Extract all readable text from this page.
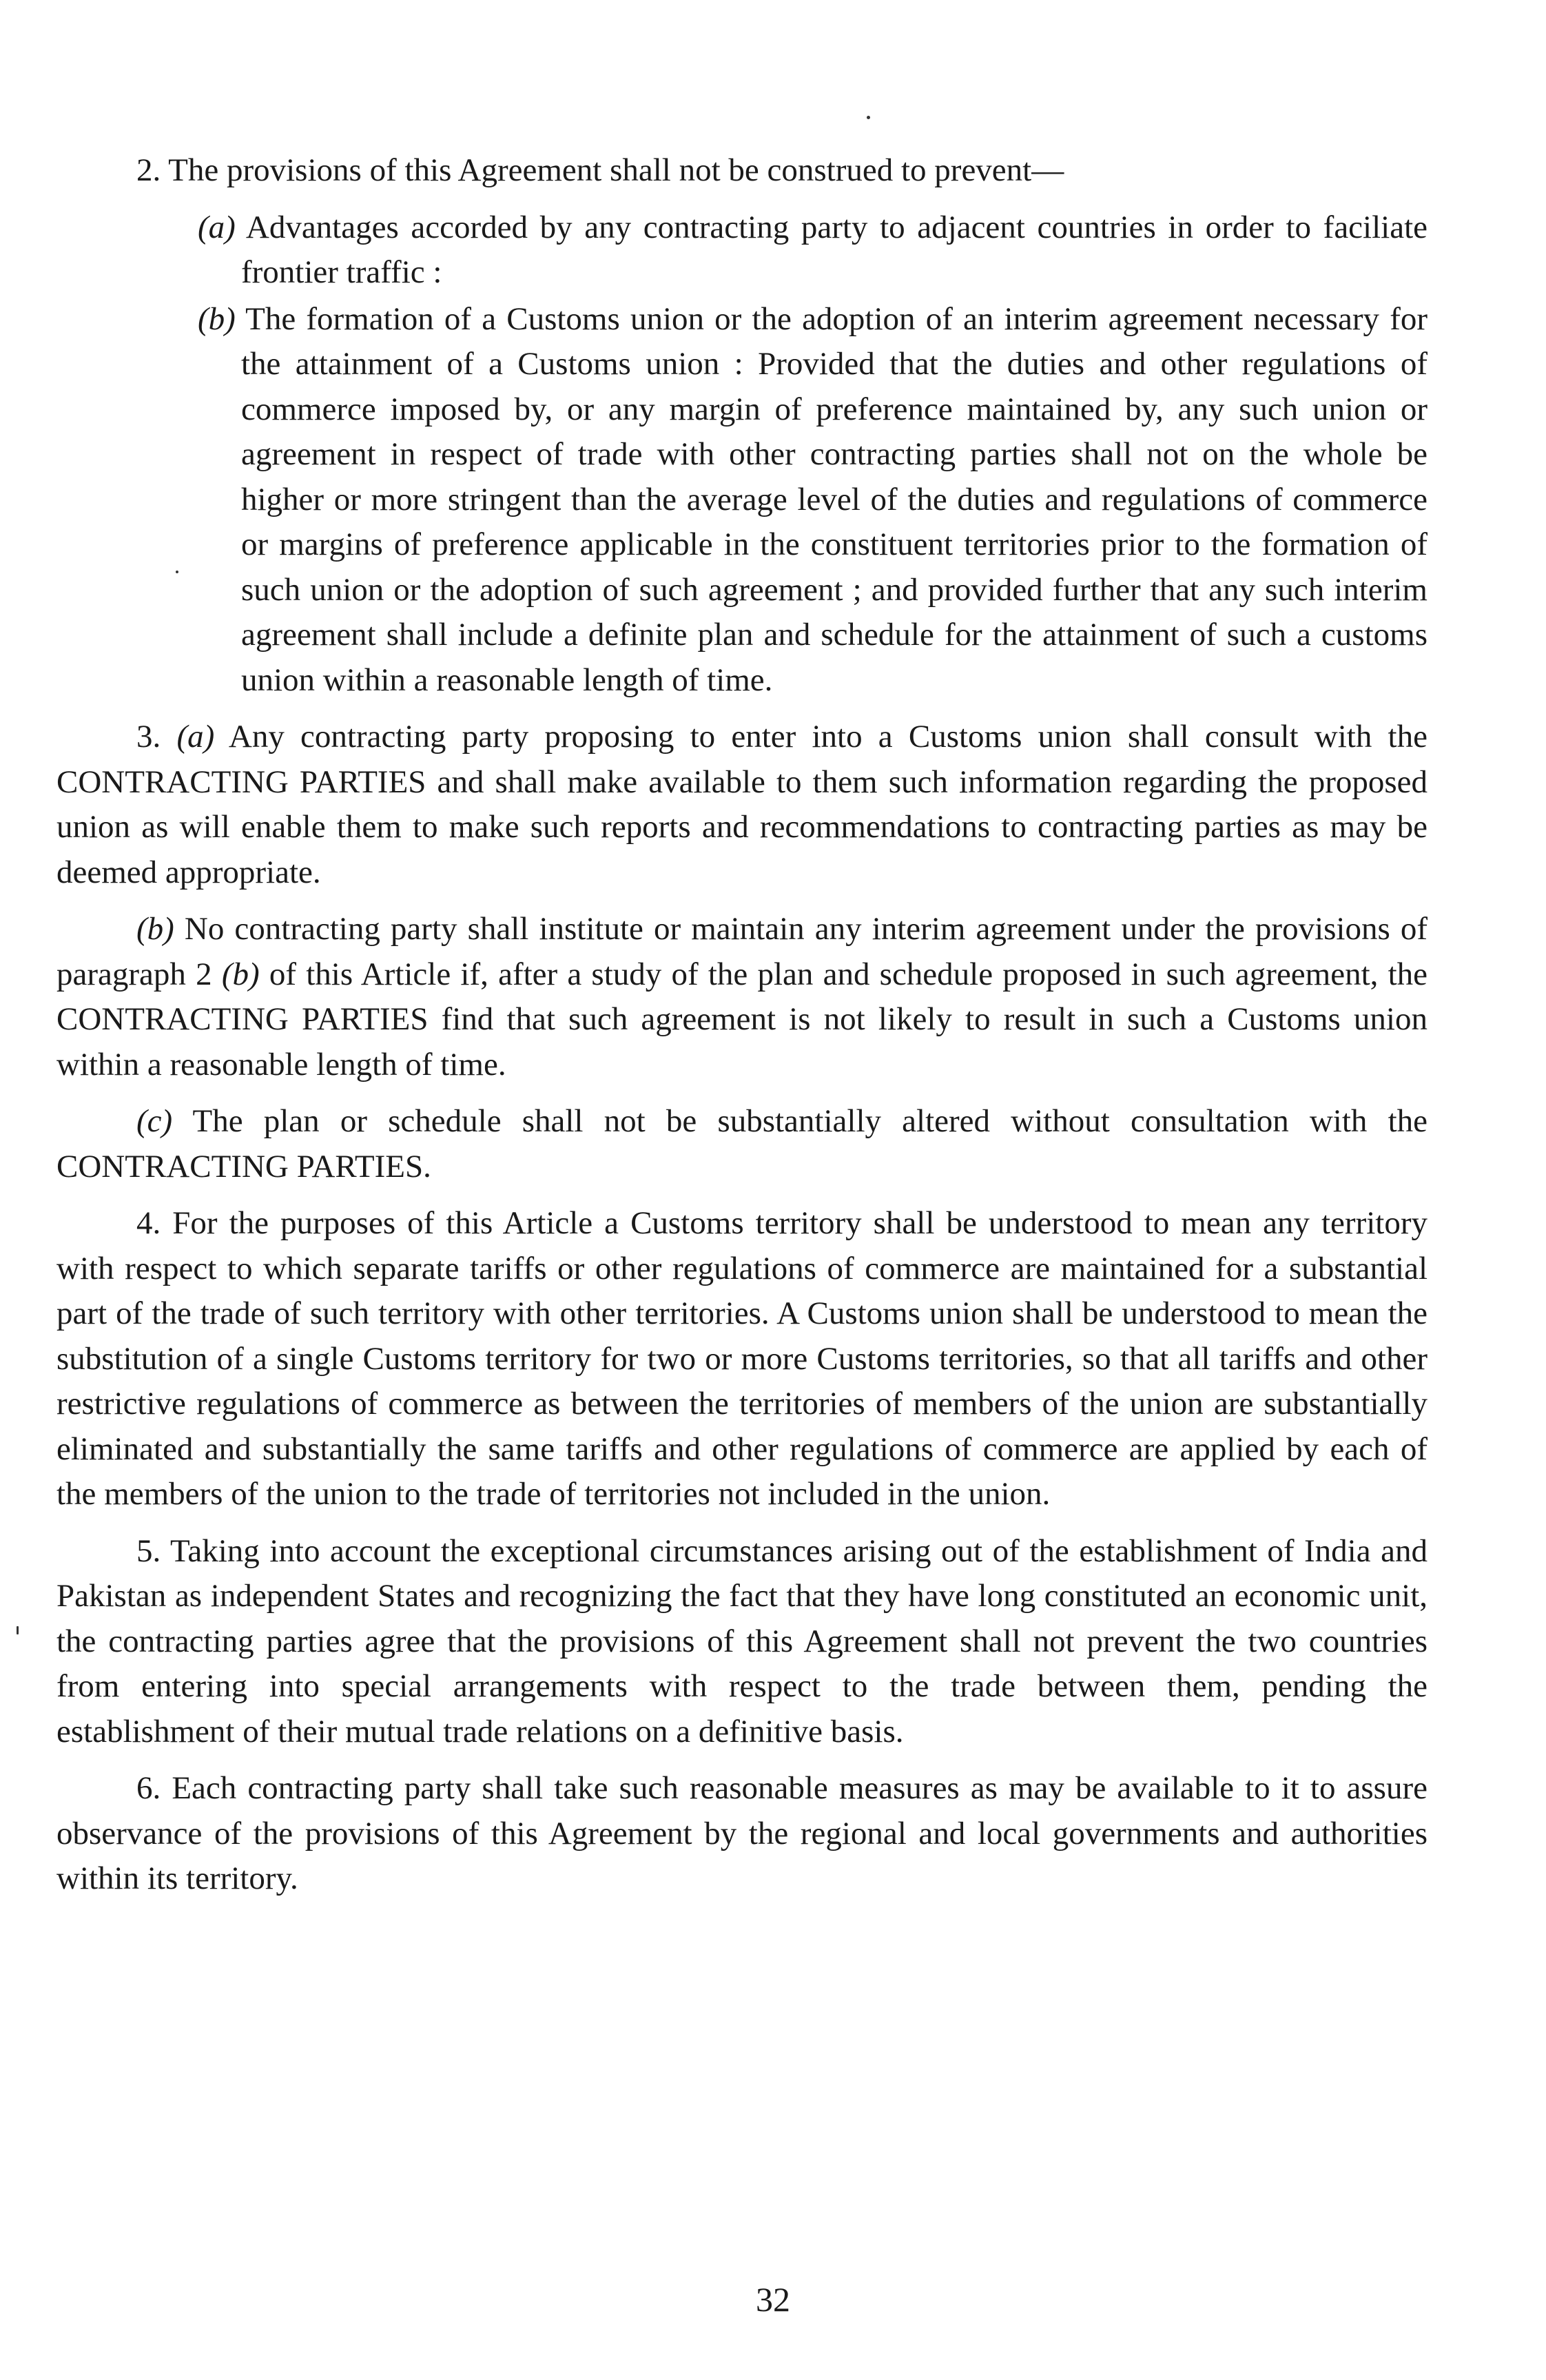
2. The provisions of this Agreement shall not be construed to prevent—

(a) Advantages accorded by any contracting party to adjacent countries in order to faciliate frontier traffic :

(b) The formation of a Customs union or the adoption of an interim agreement necessary for the attainment of a Customs union : Provided that the duties and other regulations of commerce imposed by, or any margin of preference maintained by, any such union or agreement in respect of trade with other contracting parties shall not on the whole be higher or more stringent than the average level of the duties and regulations of commerce or margins of preference applicable in the constituent territories prior to the formation of such union or the adoption of such agreement ; and provided further that any such interim agreement shall include a definite plan and schedule for the attainment of such a customs union within a reasonable length of time.

3. (a) Any contracting party proposing to enter into a Customs union shall consult with the CONTRACTING PARTIES and shall make available to them such information regarding the proposed union as will enable them to make such reports and recommendations to contracting parties as may be deemed appropriate.

(b) No contracting party shall institute or maintain any interim agreement under the provisions of paragraph 2 (b) of this Article if, after a study of the plan and schedule proposed in such agreement, the CONTRACTING PARTIES find that such agreement is not likely to result in such a Customs union within a reasonable length of time.

(c) The plan or schedule shall not be substantially altered without consultation with the CONTRACTING PARTIES.

4. For the purposes of this Article a Customs territory shall be understood to mean any territory with respect to which separate tariffs or other regulations of commerce are maintained for a substantial part of the trade of such territory with other territories. A Customs union shall be understood to mean the substitution of a single Customs territory for two or more Customs territories, so that all tariffs and other restrictive regulations of commerce as between the territories of members of the union are substantially eliminated and substantially the same tariffs and other regulations of commerce are applied by each of the members of the union to the trade of territories not included in the union.

5. Taking into account the exceptional circumstances arising out of the establishment of India and Pakistan as independent States and recognizing the fact that they have long constituted an economic unit, the contracting parties agree that the provisions of this Agreement shall not prevent the two countries from entering into special arrangements with respect to the trade between them, pending the establishment of their mutual trade relations on a definitive basis.

6. Each contracting party shall take such reasonable measures as may be available to it to assure observance of the provisions of this Agreement by the regional and local governments and authorities within its territory.

32
